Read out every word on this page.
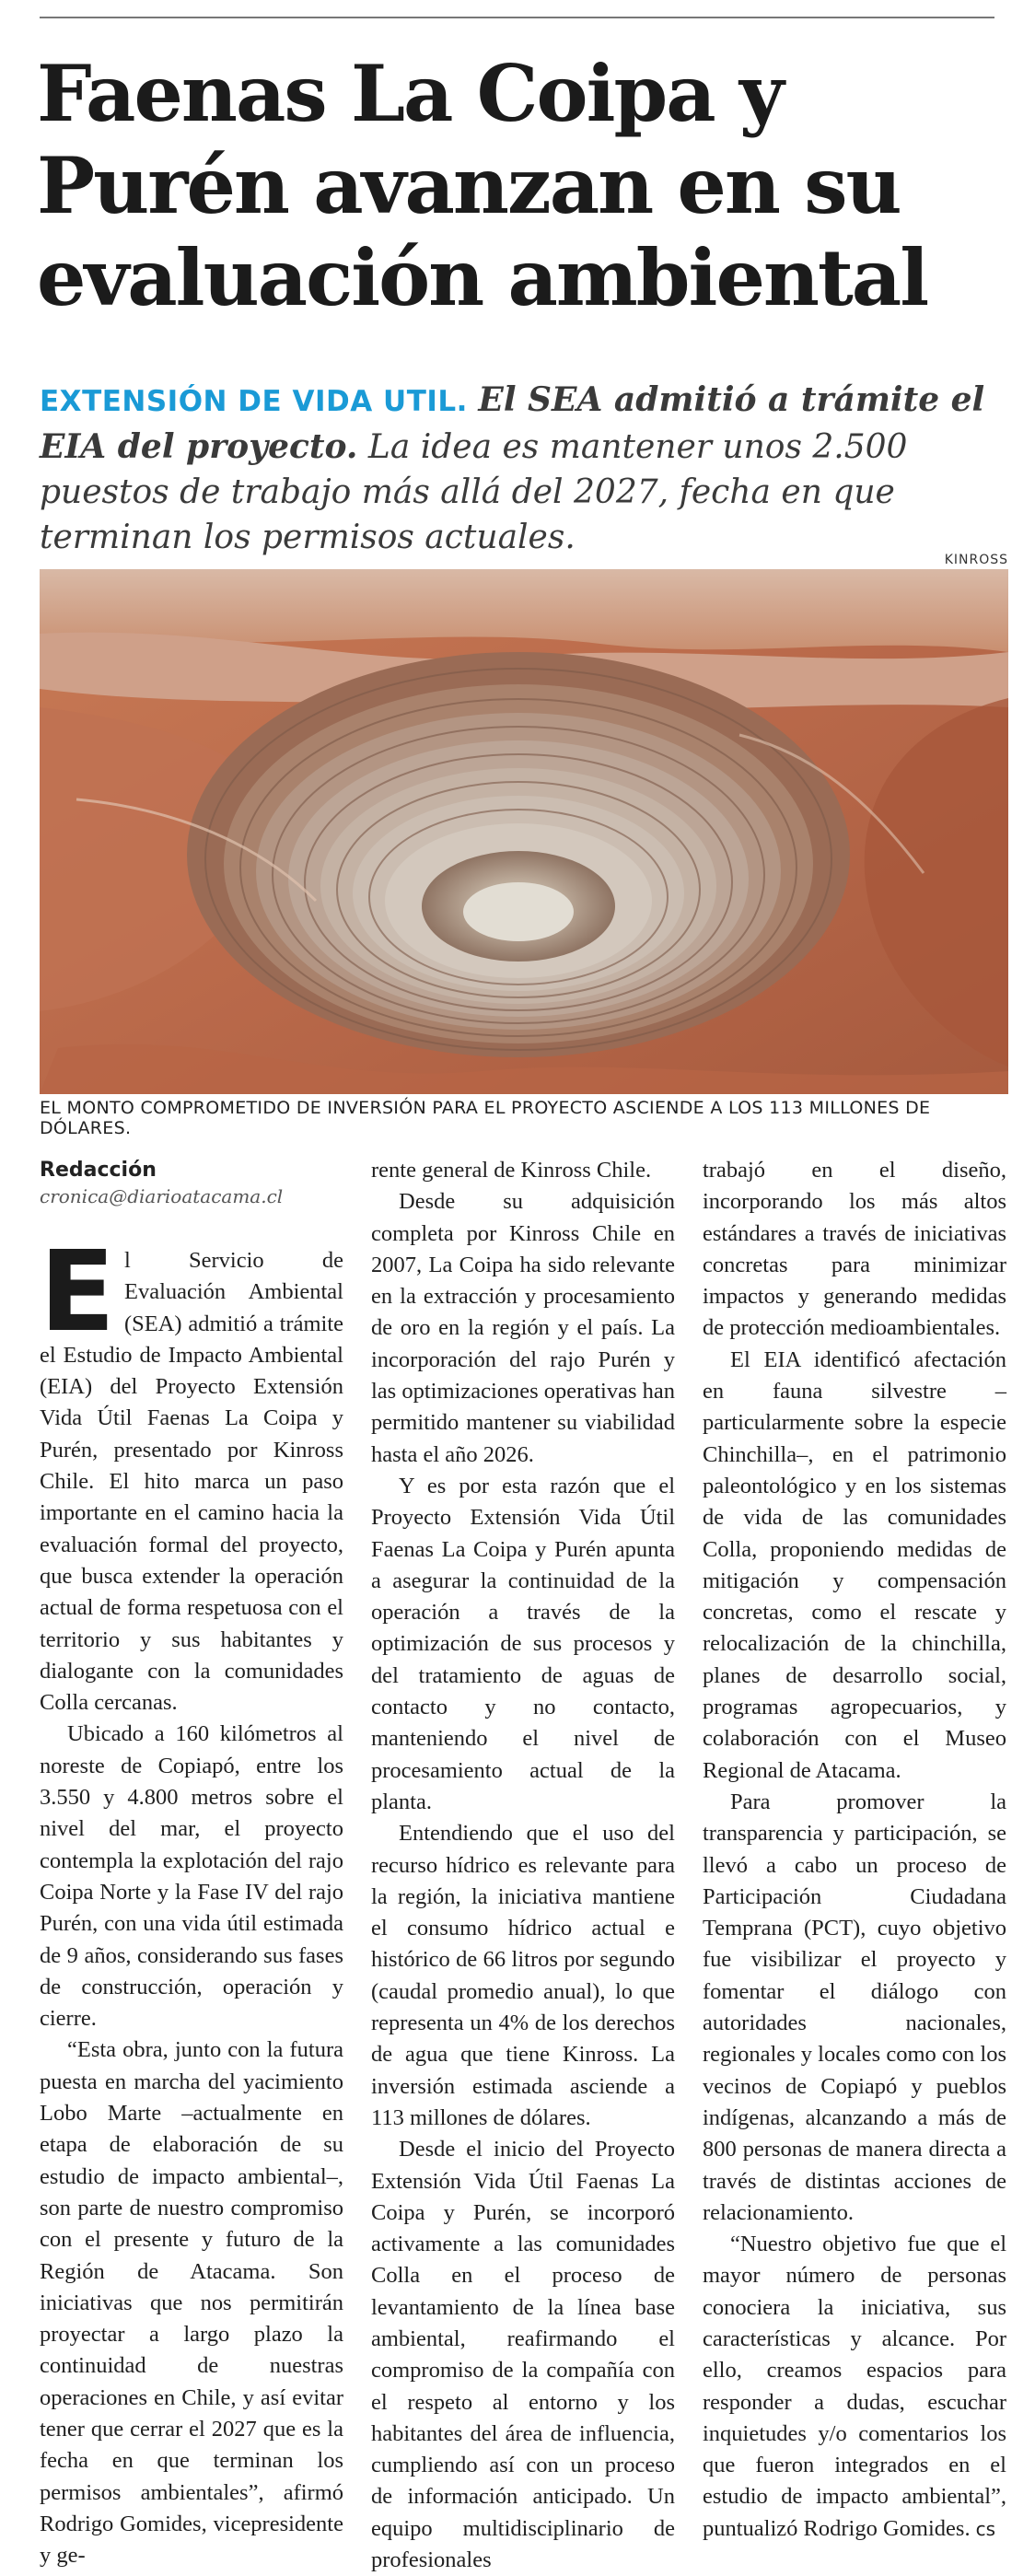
Faenas La Coipa y Purén avanzan en su evaluación ambiental
EXTENSIÓN DE VIDA UTIL. El SEA admitió a trámite el EIA del proyecto. La idea es mantener unos 2.500 puestos de trabajo más allá del 2027, fecha en que terminan los permisos actuales.
KINROSS
EL MONTO COMPROMETIDO DE INVERSIÓN PARA EL PROYECTO ASCIENDE A LOS 113 MILLONES DE DÓLARES.
Redacción
cronica@diarioatacama.cl

El Servicio de Evaluación Ambiental (SEA) admitió a trámite el Estudio de Impacto Ambiental (EIA) del Proyecto Extensión Vida Útil Faenas La Coipa y Purén, presentado por Kinross Chile. El hito marca un paso importante en el camino hacia la evaluación formal del proyecto, que busca extender la operación actual de forma respetuosa con el territorio y sus habitantes y dialogante con la comunidades Colla cercanas.

Ubicado a 160 kilómetros al noreste de Copiapó, entre los 3.550 y 4.800 metros sobre el nivel del mar, el proyecto contempla la explotación del rajo Coipa Norte y la Fase IV del rajo Purén, con una vida útil estimada de 9 años, considerando sus fases de construcción, operación y cierre.

“Esta obra, junto con la futura puesta en marcha del yacimiento Lobo Marte –actualmente en etapa de elaboración de su estudio de impacto ambiental–, son parte de nuestro compromiso con el presente y futuro de la Región de Atacama. Son iniciativas que nos permitirán proyectar a largo plazo la continuidad de nuestras operaciones en Chile, y así evitar tener que cerrar el 2027 que es la fecha en que terminan los permisos ambientales”, afirmó Rodrigo Gomides, vicepresidente y ge-

rente general de Kinross Chile.

Desde su adquisición completa por Kinross Chile en 2007, La Coipa ha sido relevante en la extracción y procesamiento de oro en la región y el país. La incorporación del rajo Purén y las optimizaciones operativas han permitido mantener su viabilidad hasta el año 2026.

Y es por esta razón que el Proyecto Extensión Vida Útil Faenas La Coipa y Purén apunta a asegurar la continuidad de la operación a través de la optimización de sus procesos y del tratamiento de aguas de contacto y no contacto, manteniendo el nivel de procesamiento actual de la planta.

Entendiendo que el uso del recurso hídrico es relevante para la región, la iniciativa mantiene el consumo hídrico actual e histórico de 66 litros por segundo (caudal promedio anual), lo que representa un 4% de los derechos de agua que tiene Kinross. La inversión estimada asciende a 113 millones de dólares.

Desde el inicio del Proyecto Extensión Vida Útil Faenas La Coipa y Purén, se incorporó activamente a las comunidades Colla en el proceso de levantamiento de la línea base ambiental, reafirmando el compromiso de la compañía con el respeto al entorno y los habitantes del área de influencia, cumpliendo así con un proceso de información anticipado. Un equipo multidisciplinario de profesionales

trabajó en el diseño, incorporando los más altos estándares a través de iniciativas concretas para minimizar impactos y generando medidas de protección medioambientales.

El EIA identificó afectación en fauna silvestre –particularmente sobre la especie Chinchilla–, en el patrimonio paleontológico y en los sistemas de vida de las comunidades Colla, proponiendo medidas de mitigación y compensación concretas, como el rescate y relocalización de la chinchilla, planes de desarrollo social, programas agropecuarios, y colaboración con el Museo Regional de Atacama.

Para promover la transparencia y participación, se llevó a cabo un proceso de Participación Ciudadana Temprana (PCT), cuyo objetivo fue visibilizar el proyecto y fomentar el diálogo con autoridades nacionales, regionales y locales como con los vecinos de Copiapó y pueblos indígenas, alcanzando a más de 800 personas de manera directa a través de distintas acciones de relacionamiento.

“Nuestro objetivo fue que el mayor número de personas conociera la iniciativa, sus características y alcance. Por ello, creamos espacios para responder a dudas, escuchar inquietudes y/o comentarios los que fueron integrados en el estudio de impacto ambiental”, puntualizó Rodrigo Gomides. cs
